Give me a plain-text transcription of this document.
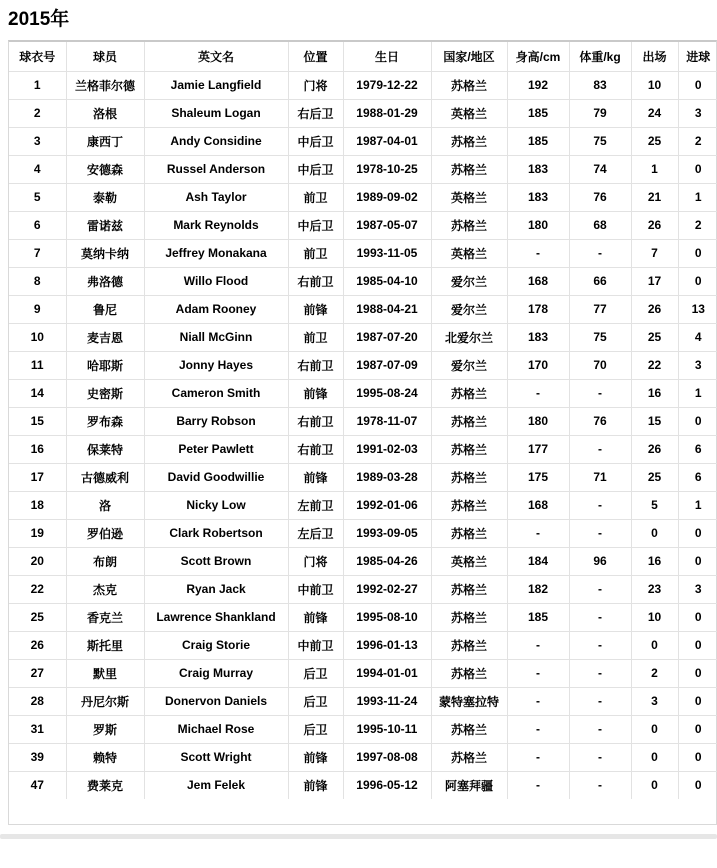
2015年
球衣号	球员	英文名	位置	生日	国家/地区	身高/cm	体重/kg	出场	进球
1	兰格菲尔德	Jamie Langfield	门将	1979-12-22	苏格兰	192	83	10	0
2	洛根	Shaleum Logan	右后卫	1988-01-29	英格兰	185	79	24	3
3	康西丁	Andy Considine	中后卫	1987-04-01	苏格兰	185	75	25	2
4	安德森	Russel Anderson	中后卫	1978-10-25	苏格兰	183	74	1	0
5	泰勒	Ash Taylor	前卫	1989-09-02	英格兰	183	76	21	1
6	雷诺兹	Mark Reynolds	中后卫	1987-05-07	苏格兰	180	68	26	2
7	莫纳卡纳	Jeffrey Monakana	前卫	1993-11-05	英格兰	-	-	7	0
8	弗洛德	Willo Flood	右前卫	1985-04-10	爱尔兰	168	66	17	0
9	鲁尼	Adam Rooney	前锋	1988-04-21	爱尔兰	178	77	26	13
10	麦吉恩	Niall McGinn	前卫	1987-07-20	北爱尔兰	183	75	25	4
11	哈耶斯	Jonny Hayes	右前卫	1987-07-09	爱尔兰	170	70	22	3
14	史密斯	Cameron Smith	前锋	1995-08-24	苏格兰	-	-	16	1
15	罗布森	Barry Robson	右前卫	1978-11-07	苏格兰	180	76	15	0
16	保莱特	Peter Pawlett	右前卫	1991-02-03	苏格兰	177	-	26	6
17	古德威利	David Goodwillie	前锋	1989-03-28	苏格兰	175	71	25	6
18	洛	Nicky Low	左前卫	1992-01-06	苏格兰	168	-	5	1
19	罗伯逊	Clark Robertson	左后卫	1993-09-05	苏格兰	-	-	0	0
20	布朗	Scott Brown	门将	1985-04-26	英格兰	184	96	16	0
22	杰克	Ryan Jack	中前卫	1992-02-27	苏格兰	182	-	23	3
25	香克兰	Lawrence Shankland	前锋	1995-08-10	苏格兰	185	-	10	0
26	斯托里	Craig Storie	中前卫	1996-01-13	苏格兰	-	-	0	0
27	默里	Craig Murray	后卫	1994-01-01	苏格兰	-	-	2	0
28	丹尼尔斯	Donervon Daniels	后卫	1993-11-24	蒙特塞拉特	-	-	3	0
31	罗斯	Michael Rose	后卫	1995-10-11	苏格兰	-	-	0	0
39	赖特	Scott Wright	前锋	1997-08-08	苏格兰	-	-	0	0
47	费莱克	Jem Felek	前锋	1996-05-12	阿塞拜疆	-	-	0	0
